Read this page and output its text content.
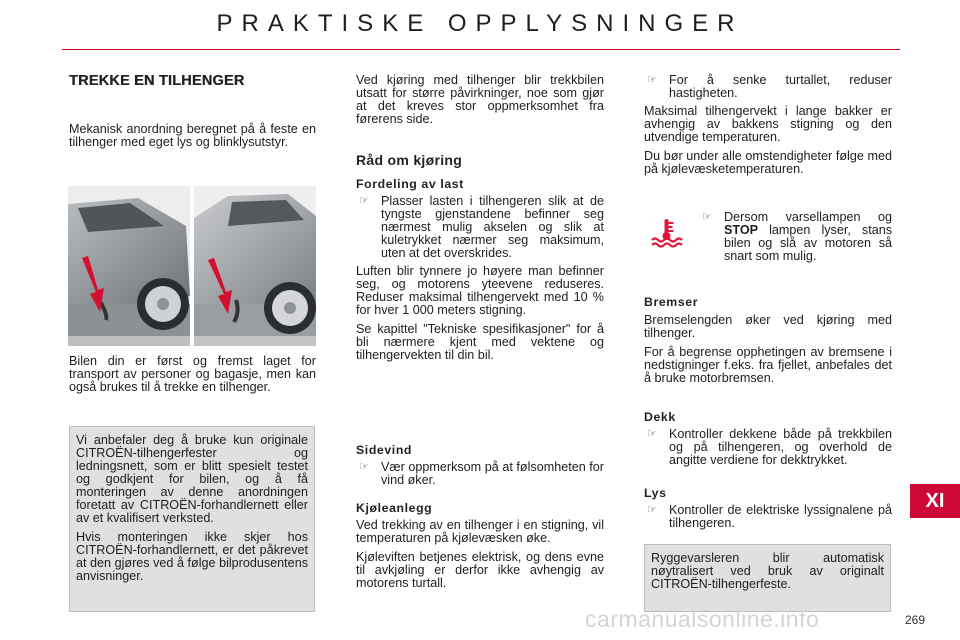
PRAKTISKE OPPLYSNINGER
TREKKE EN TILHENGER
Mekanisk anordning beregnet på å feste en tilhenger med eget lys og blinklysutstyr.
Bilen din er først og fremst laget for transport av personer og bagasje, men kan også brukes til å trekke en tilhenger.
Vi anbefaler deg å bruke kun originale CITROËN-tilhengerfester og ledningsnett, som er blitt spesielt testet og godkjent for bilen, og å få monteringen av denne anordningen foretatt av CITROËN-forhandlernett eller av et kvalifisert verksted.
Hvis monteringen ikke skjer hos CITROËN-forhandlernett, er det påkrevet at den gjøres ved å følge bilprodusentens anvisninger.
Ved kjøring med tilhenger blir trekkbilen utsatt for større påvirkninger, noe som gjør at det kreves stor oppmerksomhet fra førerens side.
Råd om kjøring
Fordeling av last
☞ Plasser lasten i tilhengeren slik at de tyngste gjenstandene befinner seg nærmest mulig akselen og slik at kuletrykket nærmer seg maksimum, uten at det overskrides.

Luften blir tynnere jo høyere man befinner seg, og motorens yteevene reduseres. Reduser maksimal tilhengervekt med 10 % for hver 1 000 meters stigning.

Se kapittel "Tekniske spesifikasjoner" for å bli nærmere kjent med vektene og tilhengervekten til din bil.

Sidevind
☞ Vær oppmerksom på at følsomheten for vind øker.
Kjøleanlegg

Ved trekking av en tilhenger i en stigning, vil temperaturen på kjølevæsken øke.

Kjøleviften betjenes elektrisk, og dens evne til avkjøling er derfor ikke avhengig av motorens turtall.

☞ For å senke turtallet, reduser hastigheten.

Maksimal tilhengervekt i lange bakker er avhengig av bakkens stigning og den utvendige temperaturen.

Du bør under alle omstendigheter følge med på kjølevæsketemperaturen.

☞ Dersom varsellampen og STOP lampen lyser, stans bilen og slå av motoren så snart som mulig.
Bremser

Bremselengden øker ved kjøring med tilhenger.

For å begrense opphetingen av bremsene i nedstigninger f.eks. fra fjellet, anbefales det å bruke motorbremsen.

Dekk
☞ Kontroller dekkene både på trekkbilen og på tilhengeren, og overhold de angitte verdiene for dekktrykket.
Lys
☞ Kontroller de elektriske lyssignalene på tilhengeren.
Ryggevarsleren blir automatisk nøytralisert ved bruk av originalt CITROËN-tilhengerfeste.
XI
carmanualsonline.info	269
